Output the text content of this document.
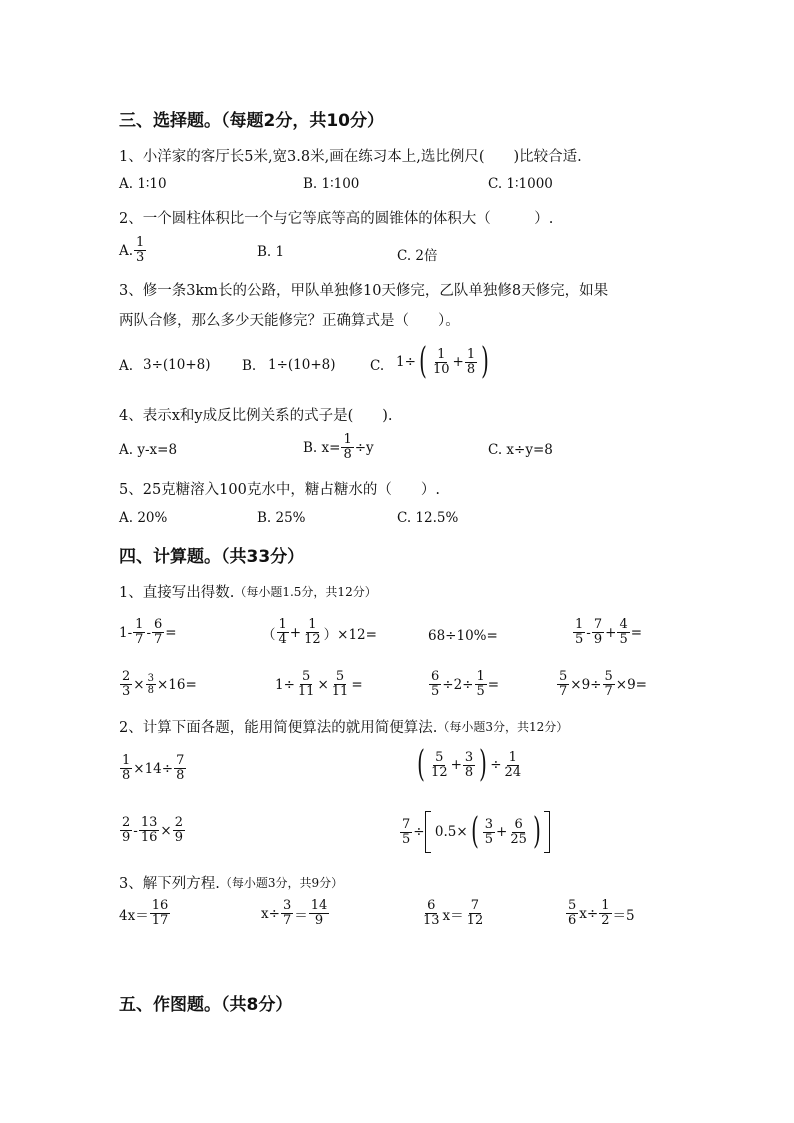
三、选择题。（每题2分，共10分）
1、小洋家的客厅长5米,宽3.8米,画在练习本上,选比例尺(　　)比较合适.
A. 1∶10	B. 1∶100	C. 1∶1000
2、一个圆柱体积比一个与它等底等高的圆锥体的体积大（　　　）.
A. $\frac{1}{3}$	B. 1	C. 2倍
3、修一条3km长的公路，甲队单独修10天修完，乙队单独修8天修完，如果
两队合修，那么多少天能修完？正确算式是（　　）。
A. 3÷(10+8) B. 1÷(10+8)	C. 1÷ ( $\frac{1}{10} + \frac{1}{8}$ )
4、表示x和y成反比例关系的式子是(　　).
A. y-x=8	B.
$x= \frac{1}{8} \div y$	C. x÷y=8
5、25克糖溶入100克水中，糖占糖水的（　　）.
A. 20%	B. 25%	C. 12.5%
四、计算题。（共33分）
1、直接写出得数. （每小题1.5分，共12分）
$1- \frac{1}{7} - \frac{6}{7}$ =	（ $\frac{1}{4} + \frac{1}{12} )\times 12=$	68÷10%=	$\frac{1}{5} - \frac{7}{9} + \frac{4}{5}$ =
$\frac{2}{3} \times \frac{3}{8} \times 16=$	$1\div \frac{5}{11} \times \frac{5}{11}$ =	$\frac{6}{5} \div 2\div \frac{1}{5}$ =	$\frac{5}{7} \times 9\div \frac{5}{7} \times 9=$
2、计算下面各题，能用简便算法的就用简便算法. （每小题3分，共12分）
$\frac{1}{8} \times 14\div \frac{7}{8}$	( $\frac{5}{12} + \frac{3}{8}$ ) ÷ $\frac{1}{24}$
$\frac{2}{9} - \frac{13}{16} \times \frac{2}{9}$	$\frac{7}{5} \div 0.5\times$ ( $\frac{3}{5} + \frac{6}{25}$ )
3、解下列方程. （每小题3分，共9分）
$4x= \frac{16}{17}$	$x\div \frac{3}{7} = \frac{14}{9}$	$\frac{6}{13} x= \frac{7}{12}$	$\frac{5}{6} x\div \frac{1}{2} =5$
五、作图题。（共8分）
